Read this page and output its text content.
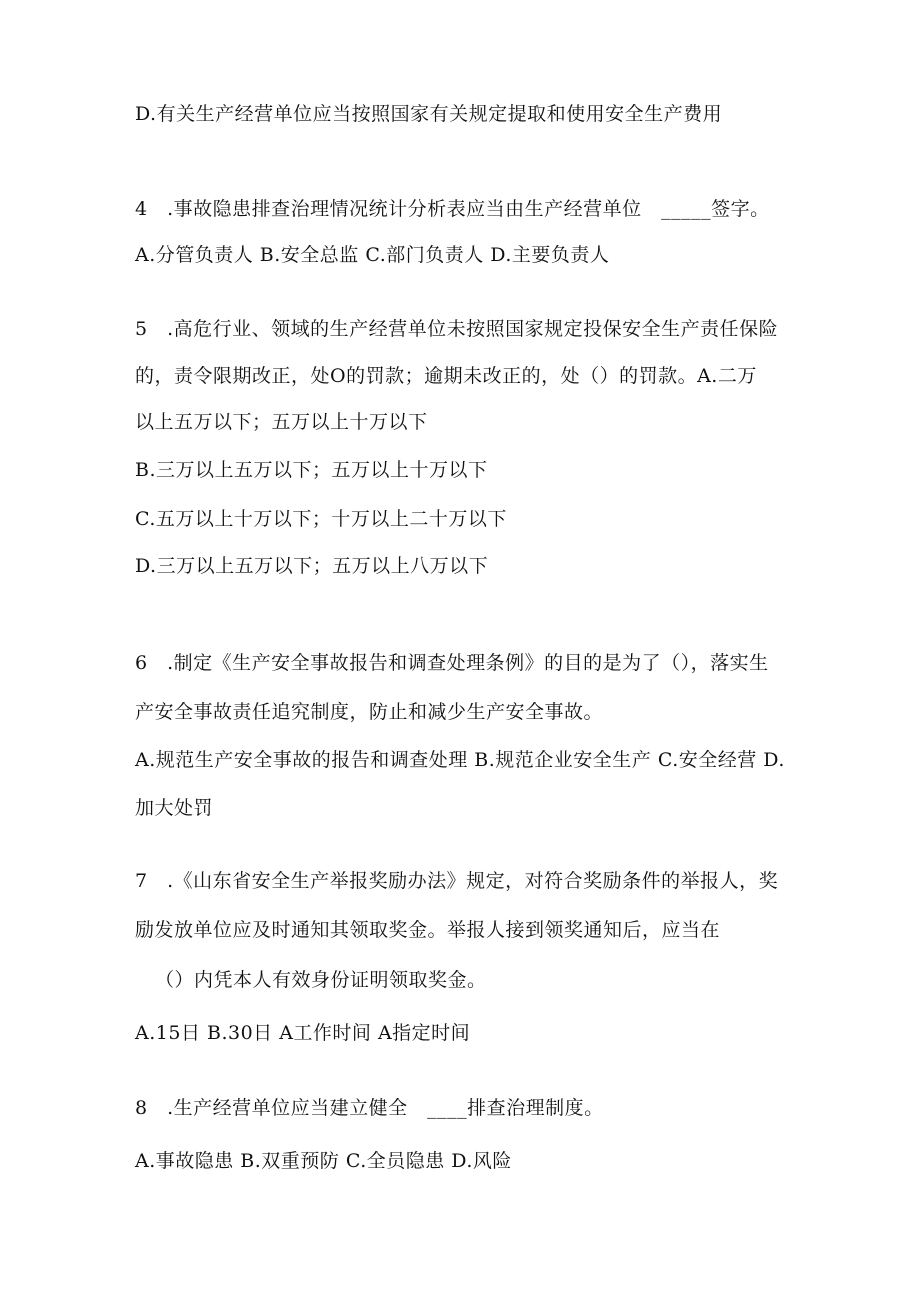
D.有关生产经营单位应当按照国家有关规定提取和使用安全生产费用
4　.事故隐患排查治理情况统计分析表应当由生产经营单位　_____签字。
A.分管负责人 B.安全总监 C.部门负责人 D.主要负责人
5　.高危行业、领域的生产经营单位未按照国家规定投保安全生产责任保险
的，责令限期改正，处O的罚款；逾期未改正的，处（）的罚款。A.二万
以上五万以下；五万以上十万以下
B.三万以上五万以下；五万以上十万以下
C.五万以上十万以下；十万以上二十万以下
D.三万以上五万以下；五万以上八万以下
6　.制定《生产安全事故报告和调查处理条例》的目的是为了（），落实生
产安全事故责任追究制度，防止和减少生产安全事故。
A.规范生产安全事故的报告和调查处理 B.规范企业安全生产 C.安全经营 D.
加大处罚
7　.《山东省安全生产举报奖励办法》规定，对符合奖励条件的举报人，奖
励发放单位应及时通知其领取奖金。举报人接到领奖通知后，应当在
（）内凭本人有效身份证明领取奖金。
A.15日 B.30日 A工作时间 A指定时间
8　.生产经营单位应当建立健全　____排查治理制度。
A.事故隐患 B.双重预防 C.全员隐患 D.风险
